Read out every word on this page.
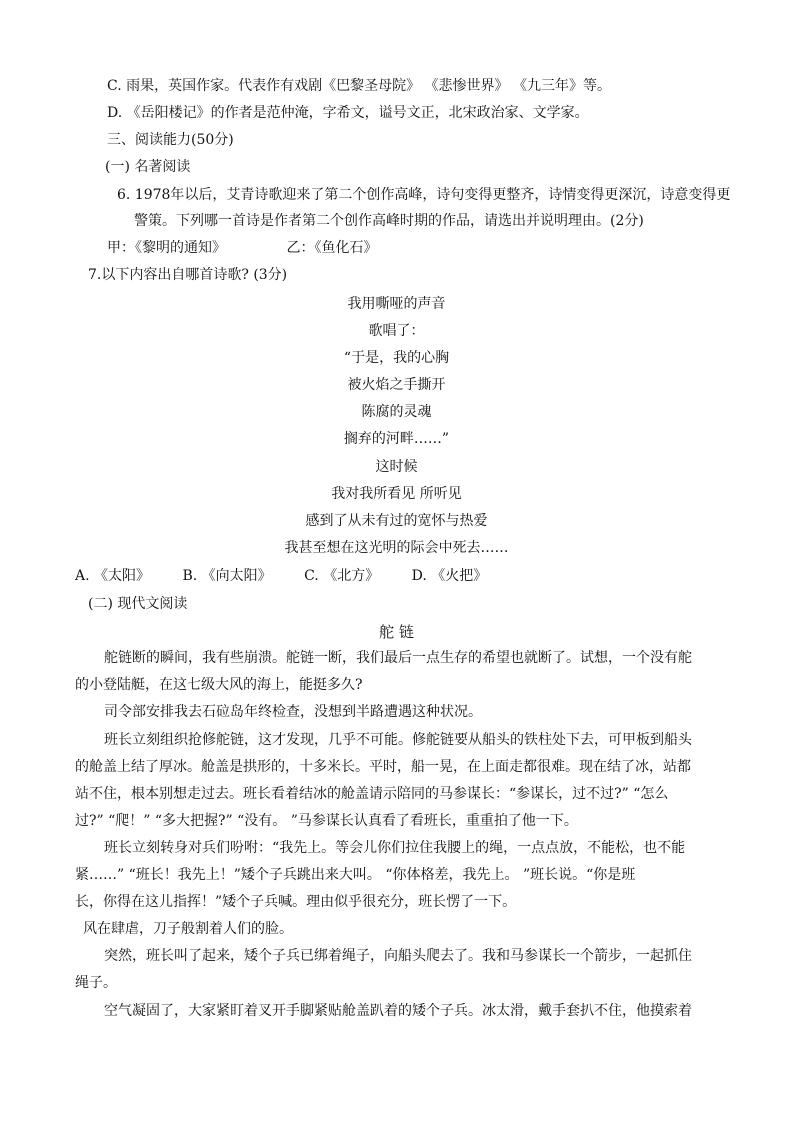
C. 雨果，英国作家。代表作有戏剧《巴黎圣母院》 《悲惨世界》 《九三年》等。
D. 《岳阳楼记》的作者是范仲淹，字希文，谥号文正，北宋政治家、文学家。
三、阅读能力(50分)
(一) 名著阅读
6. 1978年以后，艾青诗歌迎来了第二个创作高峰，诗句变得更整齐，诗情变得更深沉，诗意变得更
警策。下列哪一首诗是作者第二个创作高峰时期的作品，请选出并说明理由。(2分)
甲：《黎明的通知》 　　　　乙：《鱼化石》
7.以下内容出自哪首诗歌? (3分)
我用嘶哑的声音
歌唱了：
“于是，我的心胸
被火焰之手撕开
陈腐的灵魂
搁弃的河畔……”
这时候
我对我所看见 所听见
感到了从未有过的宽怀与热爱
我甚至想在这光明的际会中死去……
A. 《太阳》 　　B. 《向太阳》 　　C. 《北方》 　　D. 《火把》
(二) 现代文阅读
舵 链
舵链断的瞬间，我有些崩溃。舵链一断，我们最后一点生存的希望也就断了。试想，一个没有舵
的小登陆艇，在这七级大风的海上，能挺多久?
司令部安排我去石砬岛年终检查，没想到半路遭遇这种状况。
班长立刻组织抢修舵链，这才发现，几乎不可能。修舵链要从船头的铁柱处下去，可甲板到船头
的舱盖上结了厚冰。舱盖是拱形的，十多米长。平时，船一晃，在上面走都很难。现在结了冰，站都
站不住，根本别想走过去。班长看着结冰的舱盖请示陪同的马参谋长：“参谋长，过不过?” “怎么
过?” “爬！” “多大把握?” “没有。 ”马参谋长认真看了看班长，重重拍了他一下。
班长立刻转身对兵们吩咐：“我先上。等会儿你们拉住我腰上的绳，一点点放，不能松，也不能
紧……” “班长！我先上！”矮个子兵跳出来大叫。 “你体格差，我先上。 ”班长说。“你是班
长，你得在这儿指挥！”矮个子兵喊。理由似乎很充分，班长愣了一下。
风在肆虐，刀子般割着人们的脸。
突然，班长叫了起来，矮个子兵已绑着绳子，向船头爬去了。我和马参谋长一个箭步，一起抓住
绳子。
空气凝固了，大家紧盯着叉开手脚紧贴舱盖趴着的矮个子兵。冰太滑，戴手套扒不住，他摸索着
